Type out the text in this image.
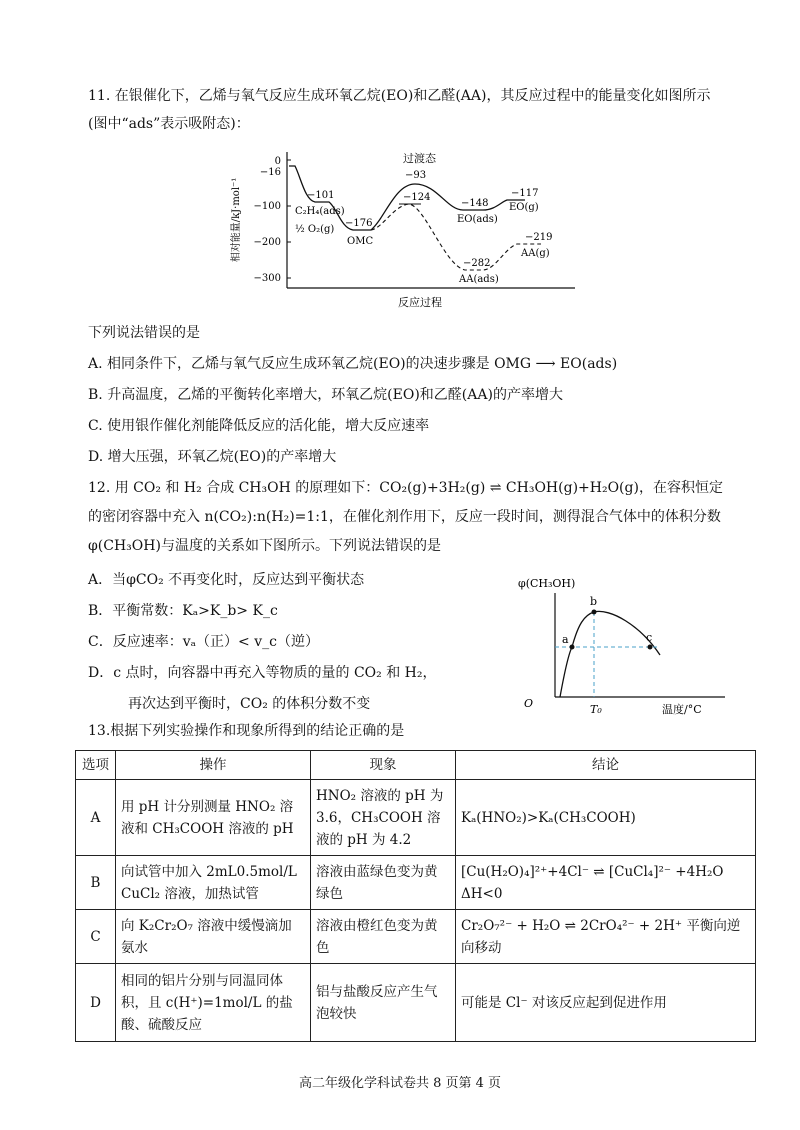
11. 在银催化下，乙烯与氧气反应生成环氧乙烷(EO)和乙醛(AA)，其反应过程中的能量变化如图所示(图中“ads”表示吸附态)：
0
−16
−100
−200
−300
相对能量/kJ·mol⁻¹
反应过程
过渡态
−101
C₂H₄(ads)
½ O₂(g)
−176
OMC
−93
−124
−148
EO(ads)
−117
EO(g)
−282
AA(ads)
−219
AA(g)
下列说法错误的是
A. 相同条件下，乙烯与氧气反应生成环氧乙烷(EO)的决速步骤是 OMG ⟶ EO(ads)
B. 升高温度，乙烯的平衡转化率增大，环氧乙烷(EO)和乙醛(AA)的产率增大
C. 使用银作催化剂能降低反应的活化能，增大反应速率
D. 增大压强，环氧乙烷(EO)的产率增大
12. 用 CO₂ 和 H₂ 合成 CH₃OH 的原理如下：CO₂(g)+3H₂(g) ⇌ CH₃OH(g)+H₂O(g)，在容积恒定的密闭容器中充入 n(CO₂):n(H₂)=1:1，在催化剂作用下，反应一段时间，测得混合气体中的体积分数φ(CH₃OH)与温度的关系如下图所示。下列说法错误的是
A．当φCO₂ 不再变化时，反应达到平衡状态
B．平衡常数：Kₐ>K_b> K_c
C．反应速率：vₐ（正）< v_c（逆）
D．c 点时，向容器中再充入等物质的量的 CO₂ 和 H₂，
再次达到平衡时，CO₂ 的体积分数不变
φ(CH₃OH)
O	温度/°C
a
b
c
T₀
13.根据下列实验操作和现象所得到的结论正确的是
选项	操作	现象	结论
A	用 pH 计分别测量 HNO₂ 溶液和 CH₃COOH 溶液的 pH	HNO₂ 溶液的 pH 为 3.6，CH₃COOH 溶液的 pH 为 4.2	Kₐ(HNO₂)>Kₐ(CH₃COOH)
B	向试管中加入 2mL0.5mol/L CuCl₂ 溶液，加热试管	溶液由蓝绿色变为黄绿色	[Cu(H₂O)₄]²⁺+4Cl⁻ ⇌ [CuCl₄]²⁻ +4H₂O ΔH<0
C	向 K₂Cr₂O₇ 溶液中缓慢滴加氨水	溶液由橙红色变为黄色	Cr₂O₇²⁻ + H₂O ⇌ 2CrO₄²⁻ + 2H⁺ 平衡向逆向移动
D	相同的铝片分别与同温同体积，且 c(H⁺)=1mol/L 的盐酸、硫酸反应	铝与盐酸反应产生气泡较快	可能是 Cl⁻ 对该反应起到促进作用
高二年级化学科试卷共 8 页第 4 页
